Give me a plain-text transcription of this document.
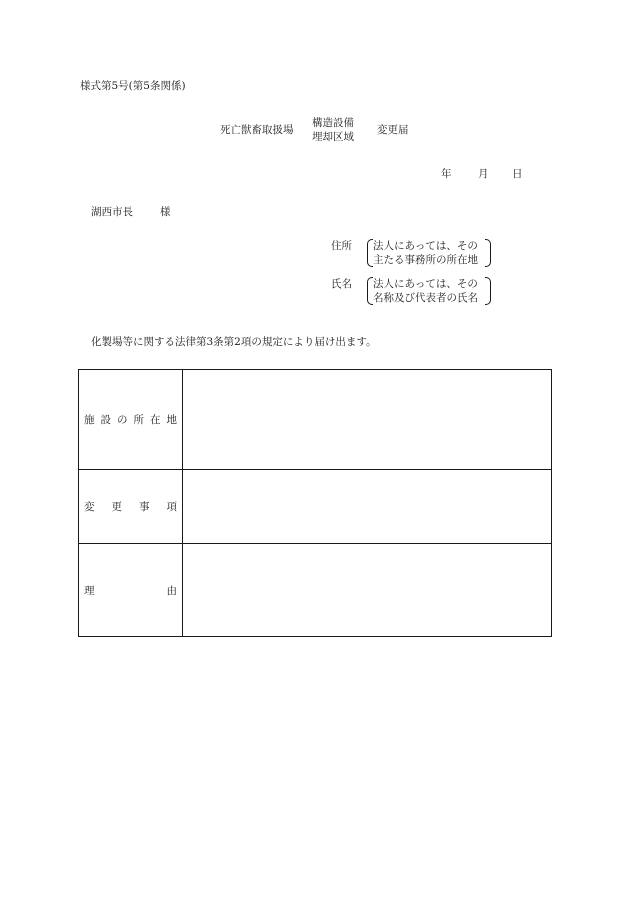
様式第5号(第5条関係)
死亡獣畜取扱場
構造設備
埋却区域
変更届
年	月 日
湖西市長	様
住所	法人にあっては、その
主たる事務所の所在地
氏名	法人にあっては、その
名称及び代表者の氏名
化製場等に関する法律第3条第2項の規定により届け出ます。
施設の所在地	
変更事項	
理由	
